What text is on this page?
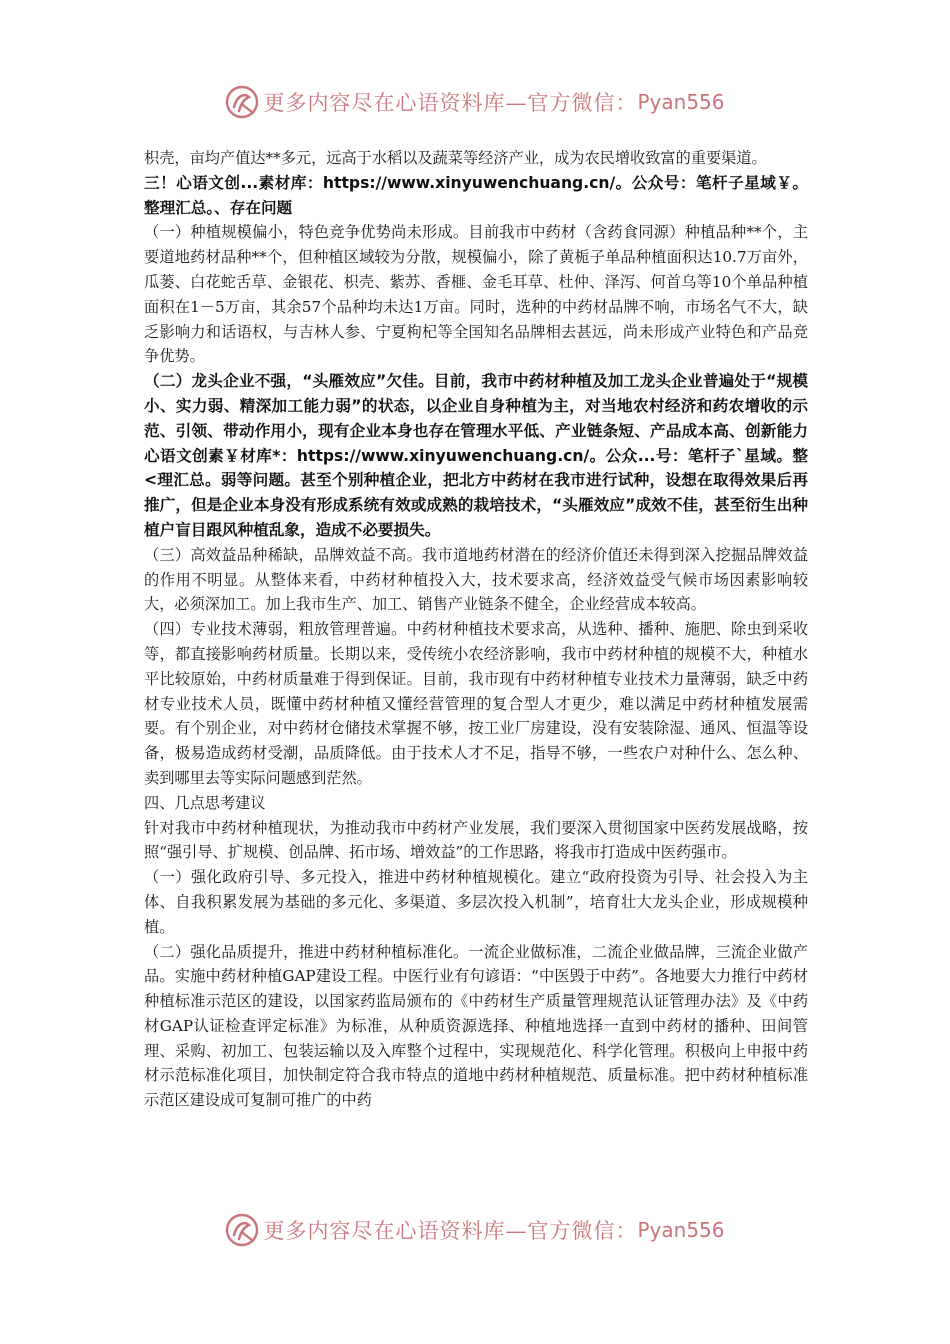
更多内容尽在心语资料库—官方微信： Pyan556

枳壳，亩均产值达**多元，远高于水稻以及蔬菜等经济产业，成为农民增收致富的重要渠道。

三！心语文创...素材库：https://www.xinyuwenchuang.cn/。公众号：笔杆子星域￥。整理汇总。、存在问题

（一）种植规模偏小，特色竞争优势尚未形成。目前我市中药材（含药食同源）种植品种**个，主要道地药材品种**个，但种植区域较为分散，规模偏小，除了黄栀子单品种植面积达10.7万亩外，瓜蒌、白花蛇舌草、金银花、枳壳、紫苏、香榧、金毛耳草、杜仲、泽泻、何首乌等10个单品种植面积在1－5万亩，其余57个品种均未达1万亩。同时，选种的中药材品牌不响，市场名气不大，缺乏影响力和话语权，与吉林人参、宁夏枸杞等全国知名品牌相去甚远，尚未形成产业特色和产品竞争优势。

（二）龙头企业不强，“头雁效应”欠佳。目前，我市中药材种植及加工龙头企业普遍处于“规模小、实力弱、精深加工能力弱”的状态，以企业自身种植为主，对当地农村经济和药农增收的示范、引领、带动作用小，现有企业本身也存在管理水平低、产业链条短、产品成本高、创新能力心语文创素￥材库*：https://www.xinyuwenchuang.cn/。公众...号：笔杆子`星域。整<理汇总。弱等问题。甚至个别种植企业，把北方中药材在我市进行试种，设想在取得效果后再推广，但是企业本身没有形成系统有效或成熟的栽培技术，“头雁效应”成效不佳，甚至衍生出种植户盲目跟风种植乱象，造成不必要损失。

（三）高效益品种稀缺，品牌效益不高。我市道地药材潜在的经济价值还未得到深入挖掘品牌效益的作用不明显。从整体来看，中药材种植投入大，技术要求高，经济效益受气候市场因素影响较大，必须深加工。加上我市生产、加工、销售产业链条不健全，企业经营成本较高。

（四）专业技术薄弱，粗放管理普遍。中药材种植技术要求高，从选种、播种、施肥、除虫到采收等，都直接影响药材质量。长期以来，受传统小农经济影响，我市中药材种植的规模不大，种植水平比较原始，中药材质量难于得到保证。目前，我市现有中药材种植专业技术力量薄弱，缺乏中药材专业技术人员，既懂中药材种植又懂经营管理的复合型人才更少，难以满足中药材种植发展需要。有个别企业，对中药材仓储技术掌握不够，按工业厂房建设，没有安装除湿、通风、恒温等设备，极易造成药材受潮，品质降低。由于技术人才不足，指导不够，一些农户对种什么、怎么种、卖到哪里去等实际问题感到茫然。

四、几点思考建议

针对我市中药材种植现状，为推动我市中药材产业发展，我们要深入贯彻国家中医药发展战略，按照“强引导、扩规模、创品牌、拓市场、增效益”的工作思路，将我市打造成中医药强市。

（一）强化政府引导、多元投入，推进中药材种植规模化。建立“政府投资为引导、社会投入为主体、自我积累发展为基础的多元化、多渠道、多层次投入机制”，培育壮大龙头企业，形成规模种植。

（二）强化品质提升，推进中药材种植标准化。一流企业做标准，二流企业做品牌，三流企业做产品。实施中药材种植GAP建设工程。中医行业有句谚语：“中医毁于中药”。各地要大力推行中药材种植标准示范区的建设，以国家药监局颁布的《中药材生产质量管理规范认证管理办法》及《中药材GAP认证检查评定标准》为标准，从种质资源选择、种植地选择一直到中药材的播种、田间管理、采购、初加工、包装运输以及入库整个过程中，实现规范化、科学化管理。积极向上申报中药材示范标准化项目，加快制定符合我市特点的道地中药材种植规范、质量标准。把中药材种植标准示范区建设成可复制可推广的中药

更多内容尽在心语资料库—官方微信： Pyan556
